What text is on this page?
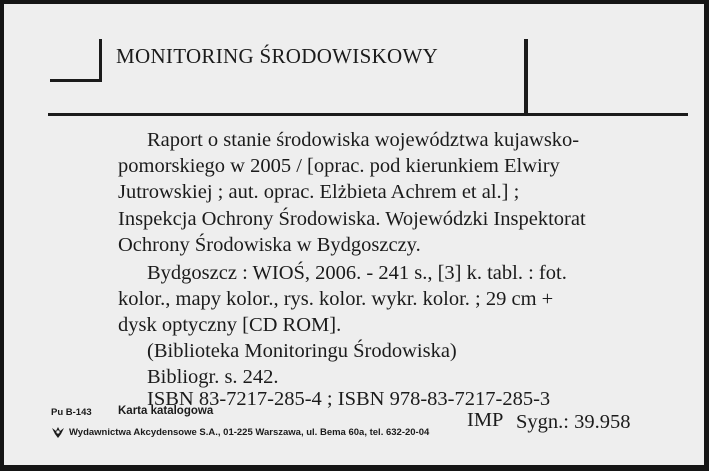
MONITORING ŚRODOWISKOWY
Raport o stanie środowiska województwa kujawsko-
pomorskiego w 2005 / [oprac. pod kierunkiem Elwiry
Jutrowskiej ; aut. oprac. Elżbieta Achrem et al.] ;
Inspekcja Ochrony Środowiska. Wojewódzki Inspektorat
Ochrony Środowiska w Bydgoszczy.
Bydgoszcz : WIOŚ, 2006. - 241 s., [3] k. tabl. : fot.
kolor., mapy kolor., rys. kolor. wykr. kolor. ; 29 cm +
dysk optyczny [CD ROM].
(Biblioteka Monitoringu Środowiska)
Bibliogr. s. 242.
ISBN 83-7217-285-4 ; ISBN 978-83-7217-285-3
Pu B-143 Karta katalogowa
Wydawnictwa Akcydensowe S.A., 01-225 Warszawa, ul. Bema 60a, tel. 632-20-04
IMP Sygn.: 39.958
